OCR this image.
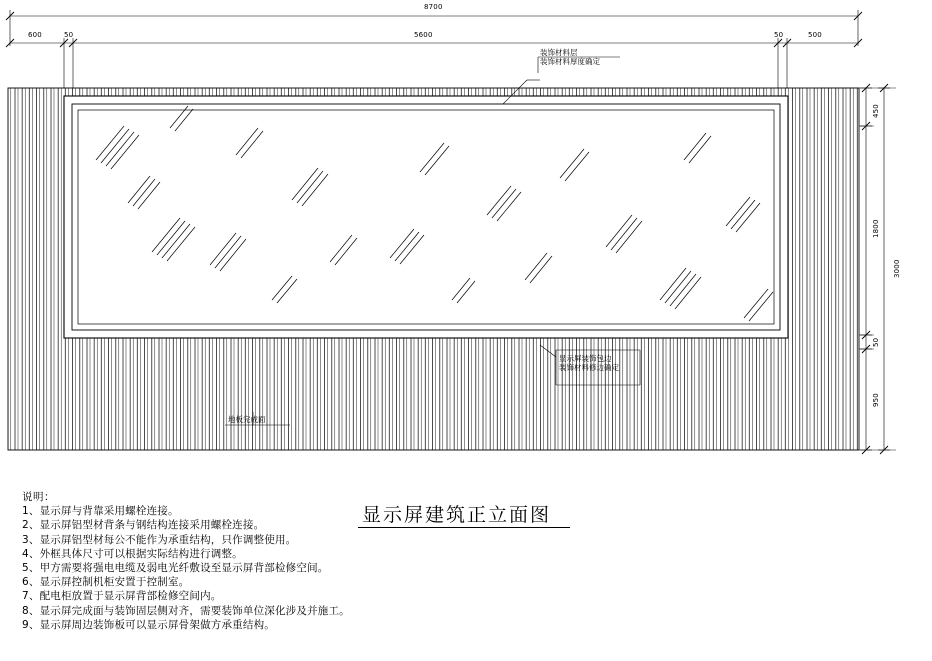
8700
600	50	5600	50	500
450
1800
50
950
3000
装饰材料层
装饰材料厚度确定
显示屏装饰包边
装饰材料修边确定
地板完成面
显示屏建筑正立面图
说明：
1、显示屏与背靠采用螺栓连接。
2、显示屏铝型材背条与钢结构连接采用螺栓连接。
3、显示屏铝型材每公不能作为承重结构，只作调整使用。
4、外框具体尺寸可以根据实际结构进行调整。
5、甲方需要将强电电缆及弱电光纤敷设至显示屏背部检修空间。
6、显示屏控制机柜安置于控制室。
7、配电柜放置于显示屏背部检修空间内。
8、显示屏完成面与装饰固层侧对齐，需要装饰单位深化涉及并施工。
9、显示屏周边装饰板可以显示屏骨架做方承重结构。
